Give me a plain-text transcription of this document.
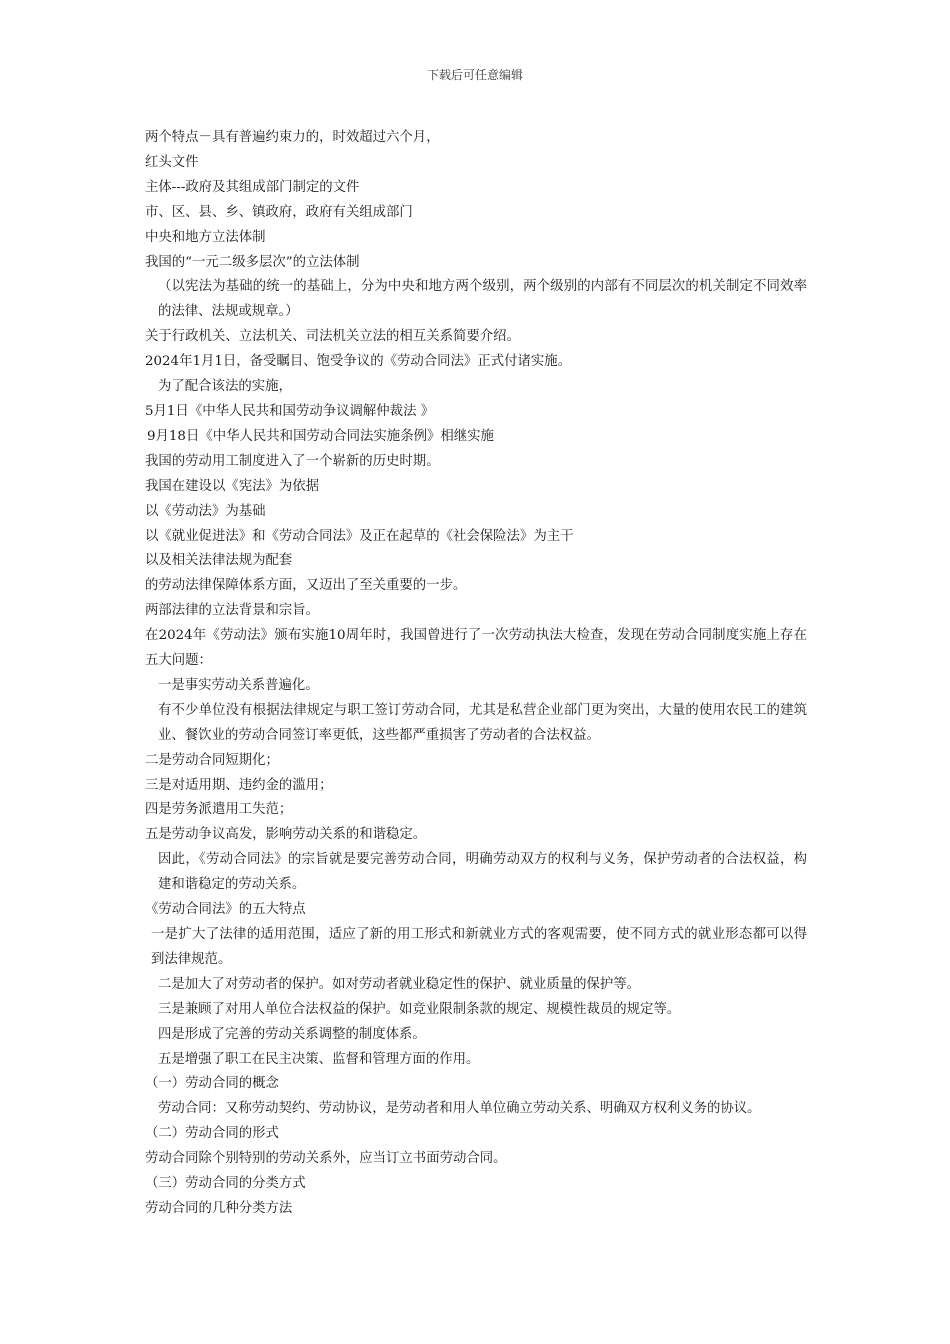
下载后可任意编辑

两个特点－具有普遍约束力的，时效超过六个月，

红头文件

主体---政府及其组成部门制定的文件

市、区、县、乡、镇政府，政府有关组成部门

中央和地方立法体制

我国的“一元二级多层次”的立法体制

（以宪法为基础的统一的基础上，分为中央和地方两个级别，两个级别的内部有不同层次的机关制定不同效率的法律、法规或规章。）

关于行政机关、立法机关、司法机关立法的相互关系简要介绍。

2024年1月1日，备受瞩目、饱受争议的《劳动合同法》正式付诸实施。

为了配合该法的实施，

5月1日《中华人民共和国劳动争议调解仲裁法 》

9月18日《中华人民共和国劳动合同法实施条例》相继实施

我国的劳动用工制度进入了一个崭新的历史时期。

我国在建设以《宪法》为依据

以《劳动法》为基础

以《就业促进法》和《劳动合同法》及正在起草的《社会保险法》为主干

以及相关法律法规为配套

的劳动法律保障体系方面，又迈出了至关重要的一步。

两部法律的立法背景和宗旨。

在2024年《劳动法》颁布实施10周年时，我国曾进行了一次劳动执法大检查，发现在劳动合同制度实施上存在五大问题：

一是事实劳动关系普遍化。

有不少单位没有根据法律规定与职工签订劳动合同，尤其是私营企业部门更为突出，大量的使用农民工的建筑业、餐饮业的劳动合同签订率更低，这些都严重损害了劳动者的合法权益。

二是劳动合同短期化；

三是对适用期、违约金的滥用；

四是劳务派遣用工失范；

五是劳动争议高发，影响劳动关系的和谐稳定。

因此，《劳动合同法》的宗旨就是要完善劳动合同，明确劳动双方的权利与义务，保护劳动者的合法权益，构建和谐稳定的劳动关系。

《劳动合同法》的五大特点

一是扩大了法律的适用范围，适应了新的用工形式和新就业方式的客观需要，使不同方式的就业形态都可以得到法律规范。

二是加大了对劳动者的保护。如对劳动者就业稳定性的保护、就业质量的保护等。

三是兼顾了对用人单位合法权益的保护。如竞业限制条款的规定、规模性裁员的规定等。

四是形成了完善的劳动关系调整的制度体系。

五是增强了职工在民主决策、监督和管理方面的作用。

（一）劳动合同的概念

劳动合同：又称劳动契约、劳动协议，是劳动者和用人单位确立劳动关系、明确双方权利义务的协议。

（二）劳动合同的形式

劳动合同除个别特别的劳动关系外，应当订立书面劳动合同。

（三）劳动合同的分类方式

劳动合同的几种分类方法
